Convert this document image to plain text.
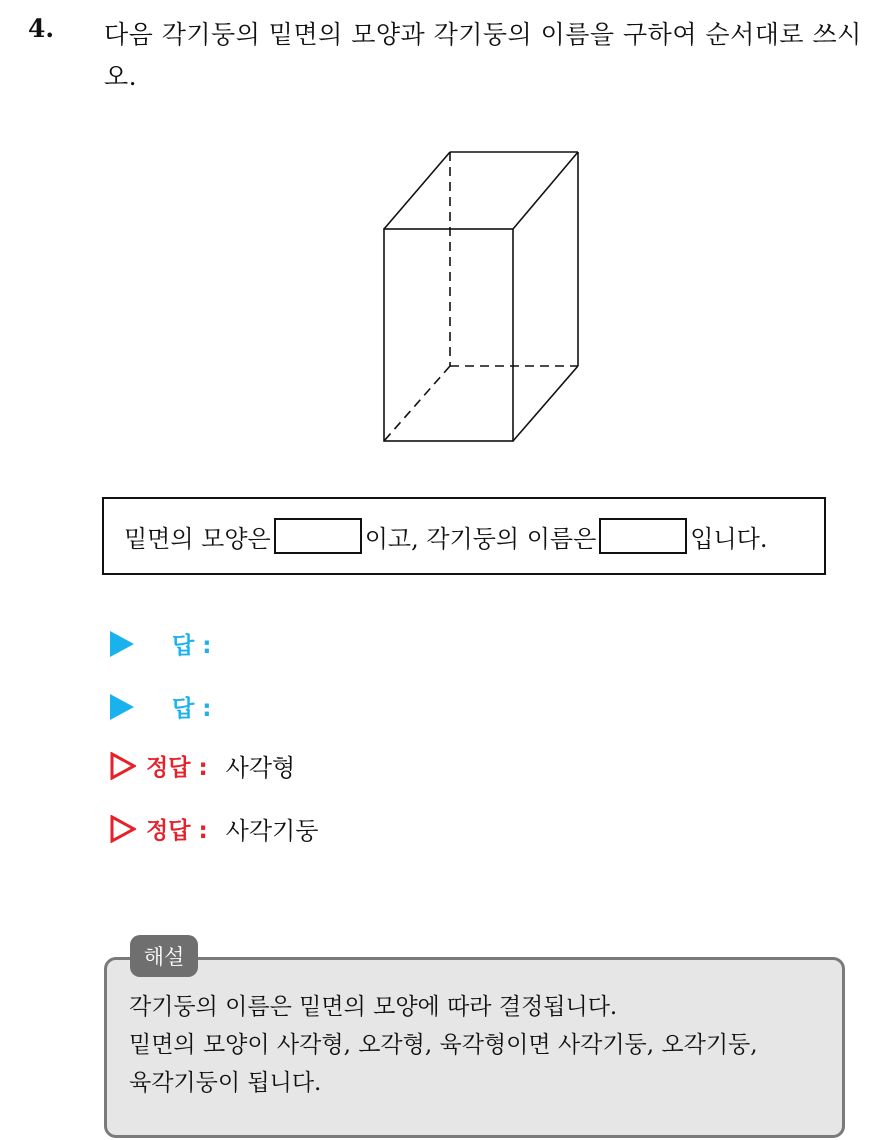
4. 다음 각기둥의 밑면의 모양과 각기둥의 이름을 구하여 순서대로 쓰시오.
밑면의 모양은	이고, 각기둥의 이름은	입니다.
답 :
답 :
정답 : 사각형
정답 : 사각기둥
해설
각기둥의 이름은 밑면의 모양에 따라 결정됩니다.
밑면의 모양이 사각형, 오각형, 육각형이면 사각기둥, 오각기둥,
육각기둥이 됩니다.
